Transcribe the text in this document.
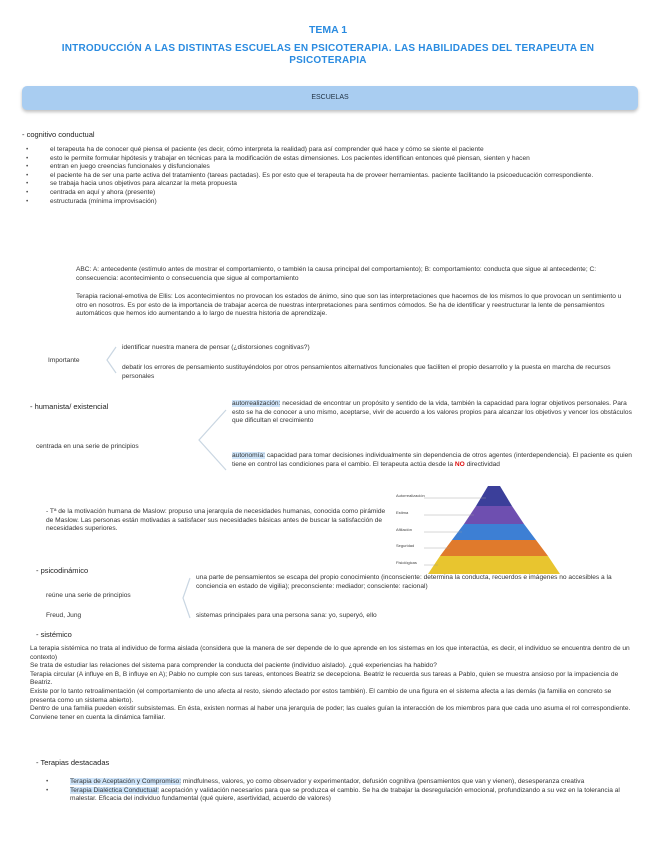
TEMA 1
INTRODUCCIÓN A LAS DISTINTAS ESCUELAS EN PSICOTERAPIA. LAS HABILIDADES DEL TERAPEUTA EN PSICOTERAPIA
ESCUELAS
- cognitivo conductual
• el terapeuta ha de conocer qué piensa el paciente (es decir, cómo interpreta la realidad) para así comprender qué hace y cómo se siente el paciente
• esto le permite formular hipótesis y trabajar en técnicas para la modificación de estas dimensiones. Los pacientes identifican entonces qué piensan, sienten y hacen
• entran en juego creencias funcionales y disfuncionales
• el paciente ha de ser una parte activa del tratamiento (tareas pactadas). Es por esto que el terapeuta ha de proveer herramientas. paciente facilitando la psicoeducación correspondiente.
• se trabaja hacia unos objetivos para alcanzar la meta propuesta
• centrada en aquí y ahora (presente)
• estructurada (mínima improvisación)
ABC: A: antecedente (estímulo antes de mostrar el comportamiento, o también la causa principal del comportamiento); B: comportamiento: conducta que sigue al antecedente; C: consecuencia: acontecimiento o consecuencia que sigue al comportamiento
Terapia racional-emotiva de Ellis: Los acontecimientos no provocan los estados de ánimo, sino que son las interpretaciones que hacemos de los mismos lo que provocan un sentimiento u otro en nosotros. Es por esto de la importancia de trabajar acerca de nuestras interpretaciones para sentirnos cómodos. Se ha de identificar y reestructurar la lente de pensamientos automáticos que hemos ido aumentando a lo largo de nuestra historia de aprendizaje.
Importante
identificar nuestra manera de pensar (¿distorsiones cognitivas?)
debatir los errores de pensamiento sustituyéndolos por otros pensamientos alternativos funcionales que faciliten el propio desarrollo y la puesta en marcha de recursos personales
- humanista/ existencial
centrada en una serie de principios
autorrealización: necesidad de encontrar un propósito y sentido de la vida, también la capacidad para lograr objetivos personales. Para esto se ha de conocer a uno mismo, aceptarse, vivir de acuerdo a los valores propios para alcanzar los objetivos y vencer los obstáculos que dificultan el crecimiento
autonomía: capacidad para tomar decisiones individualmente sin dependencia de otros agentes (interdependencia). El paciente es quien tiene en control las condiciones para el cambio. El terapeuta actúa desde la NO directividad
- Tª de la motivación humana de Maslow: propuso una jerarquía de necesidades humanas, conocida como pirámide de Maslow. Las personas están motivadas a satisfacer sus necesidades básicas antes de buscar la satisfacción de necesidades superiores.
Autorrealización
Estima
Afiliación
Seguridad
Fisiológicas
- psicodinámico
reúne una serie de principios
Freud, Jung
una parte de pensamientos se escapa del propio conocimiento (inconsciente: determina la conducta, recuerdos e imágenes no accesibles a la conciencia en estado de vigilia); preconsciente: mediador; consciente: racional)
sistemas principales para una persona sana: yo, superyó, ello
- sistémico
La terapia sistémica no trata al individuo de forma aislada (considera que la manera de ser depende de lo que aprende en los sistemas en los que interactúa, es decir, el individuo se encuentra dentro de un contexto)
Se trata de estudiar las relaciones del sistema para comprender la conducta del paciente (individuo aislado). ¿qué experiencias ha habido?
Terapia circular (A influye en B, B influye en A); Pablo no cumple con sus tareas, entonces Beatriz se decepciona. Beatriz le recuerda sus tareas a Pablo, quien se muestra ansioso por la impaciencia de Beatriz.
Existe por lo tanto retroalimentación (el comportamiento de uno afecta al resto, siendo afectado por estos también). El cambio de una figura en el sistema afecta a las demás (la familia en concreto se presenta como un sistema abierto).
Dentro de una familia pueden existir subsistemas. En ésta, existen normas al haber una jerarquía de poder; las cuales guían la interacción de los miembros para que cada uno asuma el rol correspondiente. Conviene tener en cuenta la dinámica familiar.
- Terapias destacadas
• Terapia de Aceptación y Compromiso: mindfulness, valores, yo como observador y experimentador, defusión cognitiva (pensamientos que van y vienen), desesperanza creativa
• Terapia Dialéctica Conductual: aceptación y validación necesarios para que se produzca el cambio. Se ha de trabajar la desregulación emocional, profundizando a su vez en la tolerancia al malestar. Eficacia del individuo fundamental (qué quiere, asertividad, acuerdo de valores)
